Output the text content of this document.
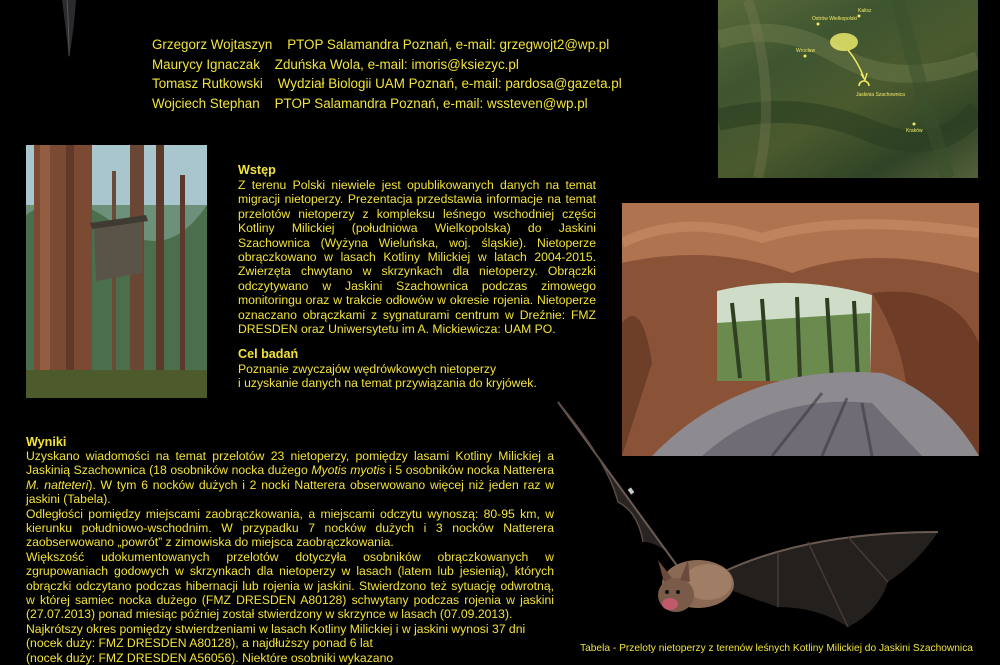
Grzegorz Wojtaszyn    PTOP Salamandra Poznań, e-mail: grzegwojt2@wp.pl
Maurycy Ignaczak    Zduńska Wola, e-mail: imoris@ksiezyc.pl
Tomasz Rutkowski    Wydział Biologii UAM Poznań, e-mail: pardosa@gazeta.pl
Wojciech Stephan    PTOP Salamandra Poznań, e-mail: wssteven@wp.pl
Ostrów Wielkopolski
Kalisz
Wrocław
Jaskinia Szachownica
Kraków
Wstęp
Z terenu Polski niewiele jest opublikowanych danych na temat migracji nietoperzy. Prezentacja przedstawia informacje na temat przelotów nietoperzy z kompleksu leśnego wschodniej części Kotliny Milickiej (południowa Wielkopolska) do Jaskini Szachownica (Wyżyna Wieluńska, woj. śląskie). Nietoperze obrączkowano w lasach Kotliny Milickiej w latach 2004-2015. Zwierzęta chwytano w skrzynkach dla nietoperzy. Obrączki odczytywano w Jaskini Szachownica podczas zimowego monitoringu oraz w trakcie odłowów w okresie rojenia. Nietoperze oznaczano obrączkami z sygnaturami centrum w Dreźnie: FMZ DRESDEN oraz Uniwersytetu im A. Mickiewicza: UAM PO.
Cel badań
Poznanie zwyczajów wędrówkowych nietoperzy
i uzyskanie danych na temat przywiązania do kryjówek.
Wyniki

Uzyskano wiadomości na temat przelotów 23 nietoperzy, pomiędzy lasami Kotliny Milickiej a Jaskinią Szachownica (18 osobników nocka dużego Myotis myotis i 5 osobników nocka Natterera M. natteteri). W tym 6 nocków dużych i 2 nocki Natterera obserwowano więcej niż jeden raz w jaskini (Tabela).

Odległości pomiędzy miejscami zaobrączkowania, a miejscami odczytu wynoszą: 80-95 km, w kierunku południowo-wschodnim. W przypadku 7 nocków dużych i 3 nocków Natterera zaobserwowano „powrót” z zimowiska do miejsca zaobrączkowania.

Większość udokumentowanych przelotów dotyczyła osobników obrączkowanych w zgrupowaniach godowych w skrzynkach dla nietoperzy w lasach (latem lub jesienią), których obrączki odczytano podczas hibernacji lub rojenia w jaskini. Stwierdzono też sytuację odwrotną, w której samiec nocka dużego (FMZ DRESDEN A80128) schwytany podczas rojenia w jaskini (27.07.2013) ponad miesiąc później został stwierdzony w skrzynce w lasach (07.09.2013).

Najkrótszy okres pomiędzy stwierdzeniami w lasach Kotliny Milickiej i w jaskini wynosi 37 dni

(nocek duży: FMZ DRESDEN A80128), a najdłuższy ponad 6 lat

(nocek duży: FMZ DRESDEN A56056). Niektóre osobniki wykazano

Tabela - Przeloty nietoperzy z terenów leśnych Kotliny Milickiej do Jaskini Szachownica
